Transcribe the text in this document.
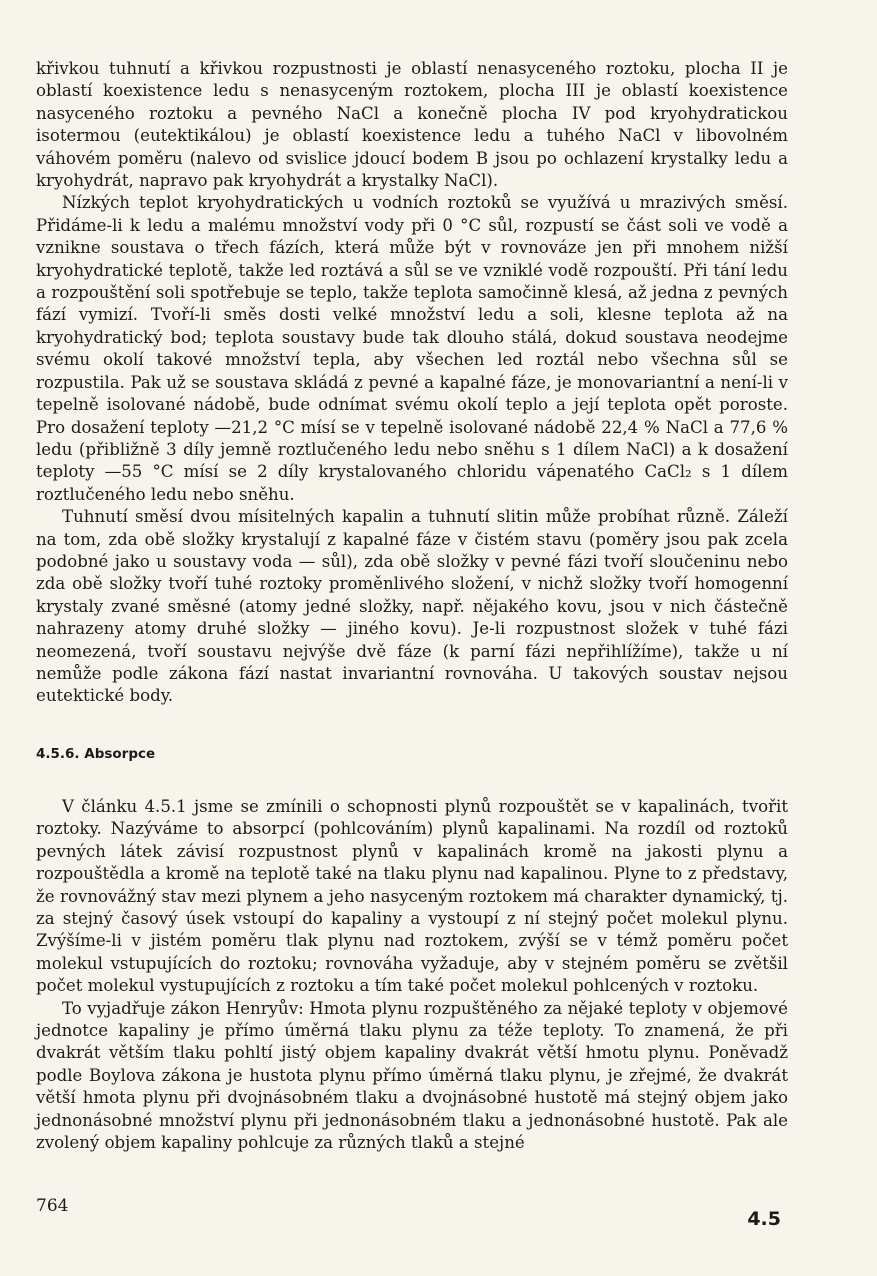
křivkou tuhnutí a křivkou rozpustnosti je oblastí nenasyceného roztoku, plocha II je oblastí koexistence ledu s nenasyceným roztokem, plocha III je oblastí koexistence nasyceného roztoku a pevného NaCl a konečně plocha IV pod kryohydratickou isotermou (eutektikálou) je oblastí koexistence ledu a tuhého NaCl v libovolném váhovém poměru (nalevo od svislice jdoucí bodem B jsou po ochlazení krystalky ledu a kryohydrát, napravo pak kryohydrát a krystalky NaCl).

Nízkých teplot kryohydratických u vodních roztoků se využívá u mrazivých směsí. Přidáme-li k ledu a malému množství vody při 0 °C sůl, rozpustí se část soli ve vodě a vznikne soustava o třech fázích, která může být v rovnováze jen při mnohem nižší kryohydratické teplotě, takže led roztává a sůl se ve vzniklé vodě rozpouští. Při tání ledu a rozpouštění soli spotřebuje se teplo, takže teplota samočinně klesá, až jedna z pevných fází vymizí. Tvoří-li směs dosti velké množství ledu a soli, klesne teplota až na kryohydratický bod; teplota soustavy bude tak dlouho stálá, dokud soustava neodejme svému okolí takové množství tepla, aby všechen led roztál nebo všechna sůl se rozpustila. Pak už se soustava skládá z pevné a kapalné fáze, je monovariantní a není-li v tepelně isolované nádobě, bude odnímat svému okolí teplo a její teplota opět poroste. Pro dosažení teploty —21,2 °C mísí se v tepelně isolované nádobě 22,4 % NaCl a 77,6 % ledu (přibližně 3 díly jemně roztlučeného ledu nebo sněhu s 1 dílem NaCl) a k dosažení teploty —55 °C mísí se 2 díly krystalovaného chloridu vápenatého CaCl₂ s 1 dílem roztlučeného ledu nebo sněhu.

Tuhnutí směsí dvou mísitelných kapalin a tuhnutí slitin může probíhat různě. Záleží na tom, zda obě složky krystalují z kapalné fáze v čistém stavu (poměry jsou pak zcela podobné jako u soustavy voda — sůl), zda obě složky v pevné fázi tvoří sloučeninu nebo zda obě složky tvoří tuhé roztoky proměnlivého složení, v nichž složky tvoří homogenní krystaly zvané směsné (atomy jedné složky, např. nějakého kovu, jsou v nich částečně nahrazeny atomy druhé složky — jiného kovu). Je-li rozpustnost složek v tuhé fázi neomezená, tvoří soustavu nejvýše dvě fáze (k parní fázi nepřihlížíme), takže u ní nemůže podle zákona fází nastat invariantní rovnováha. U takových soustav nejsou eutektické body.

4.5.6. Absorpce

V článku 4.5.1 jsme se zmínili o schopnosti plynů rozpouštět se v kapalinách, tvořit roztoky. Nazýváme to absorpcí (pohlcováním) plynů kapalinami. Na rozdíl od roztoků pevných látek závisí rozpustnost plynů v kapalinách kromě na jakosti plynu a rozpouštědla a kromě na teplotě také na tlaku plynu nad kapalinou. Plyne to z představy, že rovnovážný stav mezi plynem a jeho nasyceným roztokem má charakter dynamický, tj. za stejný časový úsek vstoupí do kapaliny a vystoupí z ní stejný počet molekul plynu. Zvýšíme-li v jistém poměru tlak plynu nad roztokem, zvýší se v témž poměru počet molekul vstupujících do roztoku; rovnováha vyžaduje, aby v stejném poměru se zvětšil počet molekul vystupujících z roztoku a tím také počet molekul pohlcených v roztoku.

To vyjadřuje zákon Henryův: Hmota plynu rozpuštěného za nějaké teploty v objemové jednotce kapaliny je přímo úměrná tlaku plynu za téže teploty. To znamená, že při dvakrát větším tlaku pohltí jistý objem kapaliny dvakrát větší hmotu plynu. Poněvadž podle Boylova zákona je hustota plynu přímo úměrná tlaku plynu, je zřejmé, že dvakrát větší hmota plynu při dvojnásobném tlaku a dvojnásobné hustotě má stejný objem jako jednonásobné množství plynu při jednonásobném tlaku a jednonásobné hustotě. Pak ale zvolený objem kapaliny pohlcuje za různých tlaků a stejné

764

4.5
